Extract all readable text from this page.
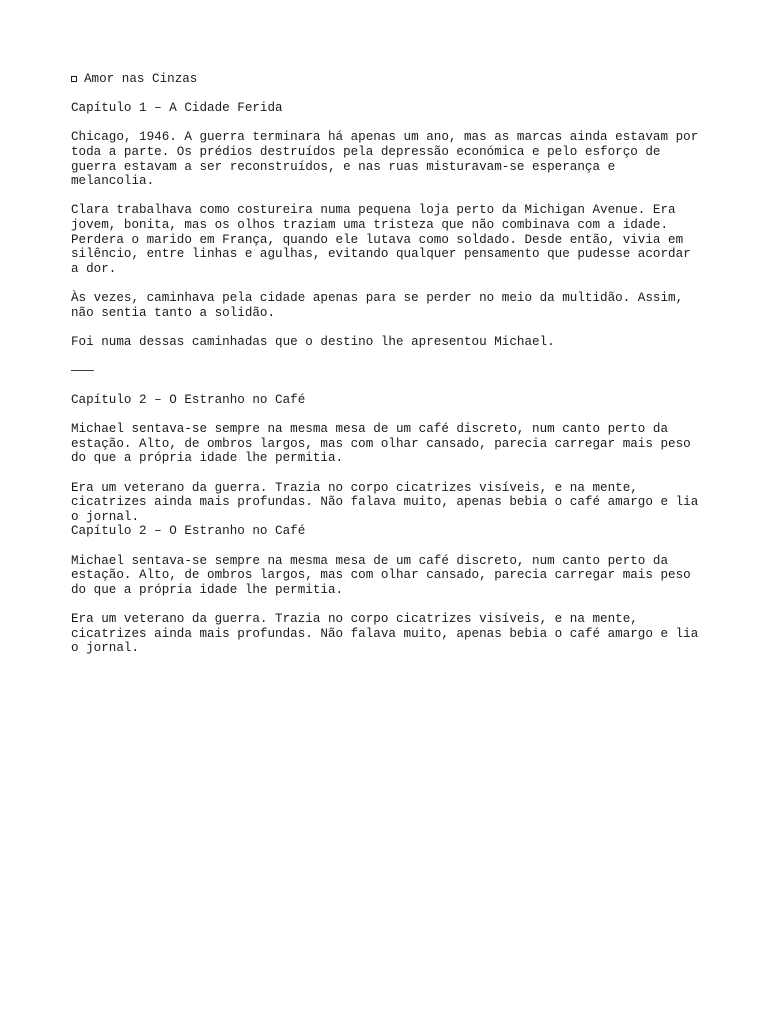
Amor nas Cinzas
Capítulo 1 – A Cidade Ferida
Chicago, 1946. A guerra terminara há apenas um ano, mas as marcas ainda estavam por
toda a parte. Os prédios destruídos pela depressão económica e pelo esforço de
guerra estavam a ser reconstruídos, e nas ruas misturavam-se esperança e
melancolia.
Clara trabalhava como costureira numa pequena loja perto da Michigan Avenue. Era
jovem, bonita, mas os olhos traziam uma tristeza que não combinava com a idade.
Perdera o marido em França, quando ele lutava como soldado. Desde então, vivia em
silêncio, entre linhas e agulhas, evitando qualquer pensamento que pudesse acordar
a dor.
Às vezes, caminhava pela cidade apenas para se perder no meio da multidão. Assim,
não sentia tanto a solidão.
Foi numa dessas caminhadas que o destino lhe apresentou Michael.
———
Capítulo 2 – O Estranho no Café
Michael sentava-se sempre na mesma mesa de um café discreto, num canto perto da
estação. Alto, de ombros largos, mas com olhar cansado, parecia carregar mais peso
do que a própria idade lhe permitia.
Era um veterano da guerra. Trazia no corpo cicatrizes visíveis, e na mente,
cicatrizes ainda mais profundas. Não falava muito, apenas bebia o café amargo e lia
o jornal.
Capítulo 2 – O Estranho no Café
Michael sentava-se sempre na mesma mesa de um café discreto, num canto perto da
estação. Alto, de ombros largos, mas com olhar cansado, parecia carregar mais peso
do que a própria idade lhe permitia.
Era um veterano da guerra. Trazia no corpo cicatrizes visíveis, e na mente,
cicatrizes ainda mais profundas. Não falava muito, apenas bebia o café amargo e lia
o jornal.
